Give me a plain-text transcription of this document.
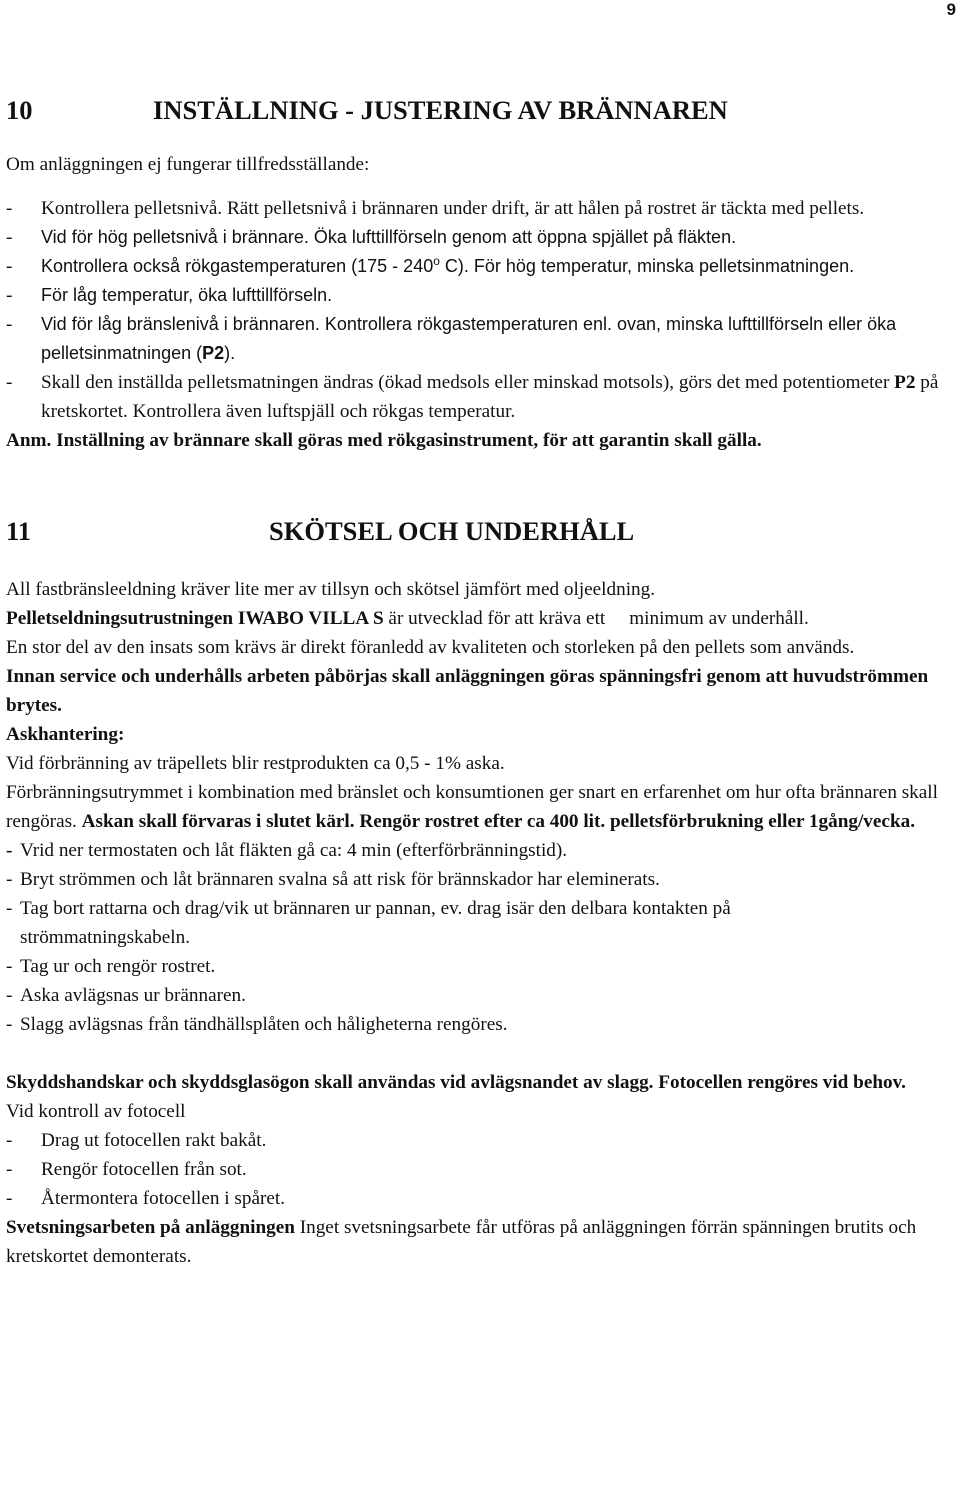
9
10	INSTÄLLNING - JUSTERING AV BRÄNNAREN

Om anläggningen ej fungerar tillfredsställande:

-	Kontrollera pelletsnivå. Rätt pelletsnivå i brännaren under drift, är att hålen på rostret är täckta med pellets.
-	Vid för hög pelletsnivå i brännare. Öka lufttillförseln genom att öppna spjället på fläkten.
-	Kontrollera också rökgastemperaturen (175 - 240$^o$ C). För hög temperatur, minska pelletsinmatningen.
-	För låg temperatur, öka lufttillförseln.
-	Vid för låg bränslenivå i brännaren. Kontrollera rökgastemperaturen enl. ovan, minska lufttillförseln eller öka pelletsinmatningen (P2).
-	Skall den inställda pelletsmatningen ändras (ökad medsols eller minskad motsols), görs det med potentiometer P2 på kretskortet. Kontrollera även luftspjäll och rökgas temperatur.

Anm. Inställning av brännare skall göras med rökgasinstrument, för att garantin skall gälla.

11	SKÖTSEL OCH UNDERHÅLL

All fastbränsleeldning kräver lite mer av tillsyn och skötsel jämfört med oljeeldning.

Pelletseldningsutrustningen IWABO VILLA S är utvecklad för att kräva ett     minimum av underhåll.

En stor del av den insats som krävs är direkt föranledd av kvaliteten och storleken på den pellets som används.

Innan service och underhålls arbeten påbörjas skall anläggningen göras spänningsfri genom att huvudströmmen brytes.

Askhantering:

Vid förbränning av träpellets blir restprodukten ca 0,5 - 1% aska.

Förbränningsutrymmet i kombination med bränslet och konsumtionen ger snart en erfarenhet om hur ofta brännaren skall rengöras. Askan skall förvaras i slutet kärl. Rengör rostret efter ca 400 lit. pelletsförbrukning eller 1gång/vecka.

- Vrid ner termostaten och låt fläkten gå ca: 4 min (efterförbränningstid).
- Bryt strömmen och låt brännaren svalna så att risk för brännskador har eleminerats.
- Tag bort rattarna och drag/vik ut brännaren ur pannan, ev. drag isär den delbara kontakten på
strömmatningskabeln.
- Tag ur och rengör rostret.
- Aska avlägsnas ur brännaren.
- Slagg avlägsnas från tändhällsplåten och håligheterna rengöres.

Skyddshandskar och skyddsglasögon skall användas vid avlägsnandet av slagg. Fotocellen rengöres vid behov.

Vid kontroll av fotocell

-	Drag ut fotocellen rakt bakåt.
-	Rengör fotocellen från sot.
-	Återmontera fotocellen i spåret.

Svetsningsarbeten på anläggningen Inget svetsningsarbete får utföras på anläggningen förrän spänningen brutits och kretskortet demonterats.
